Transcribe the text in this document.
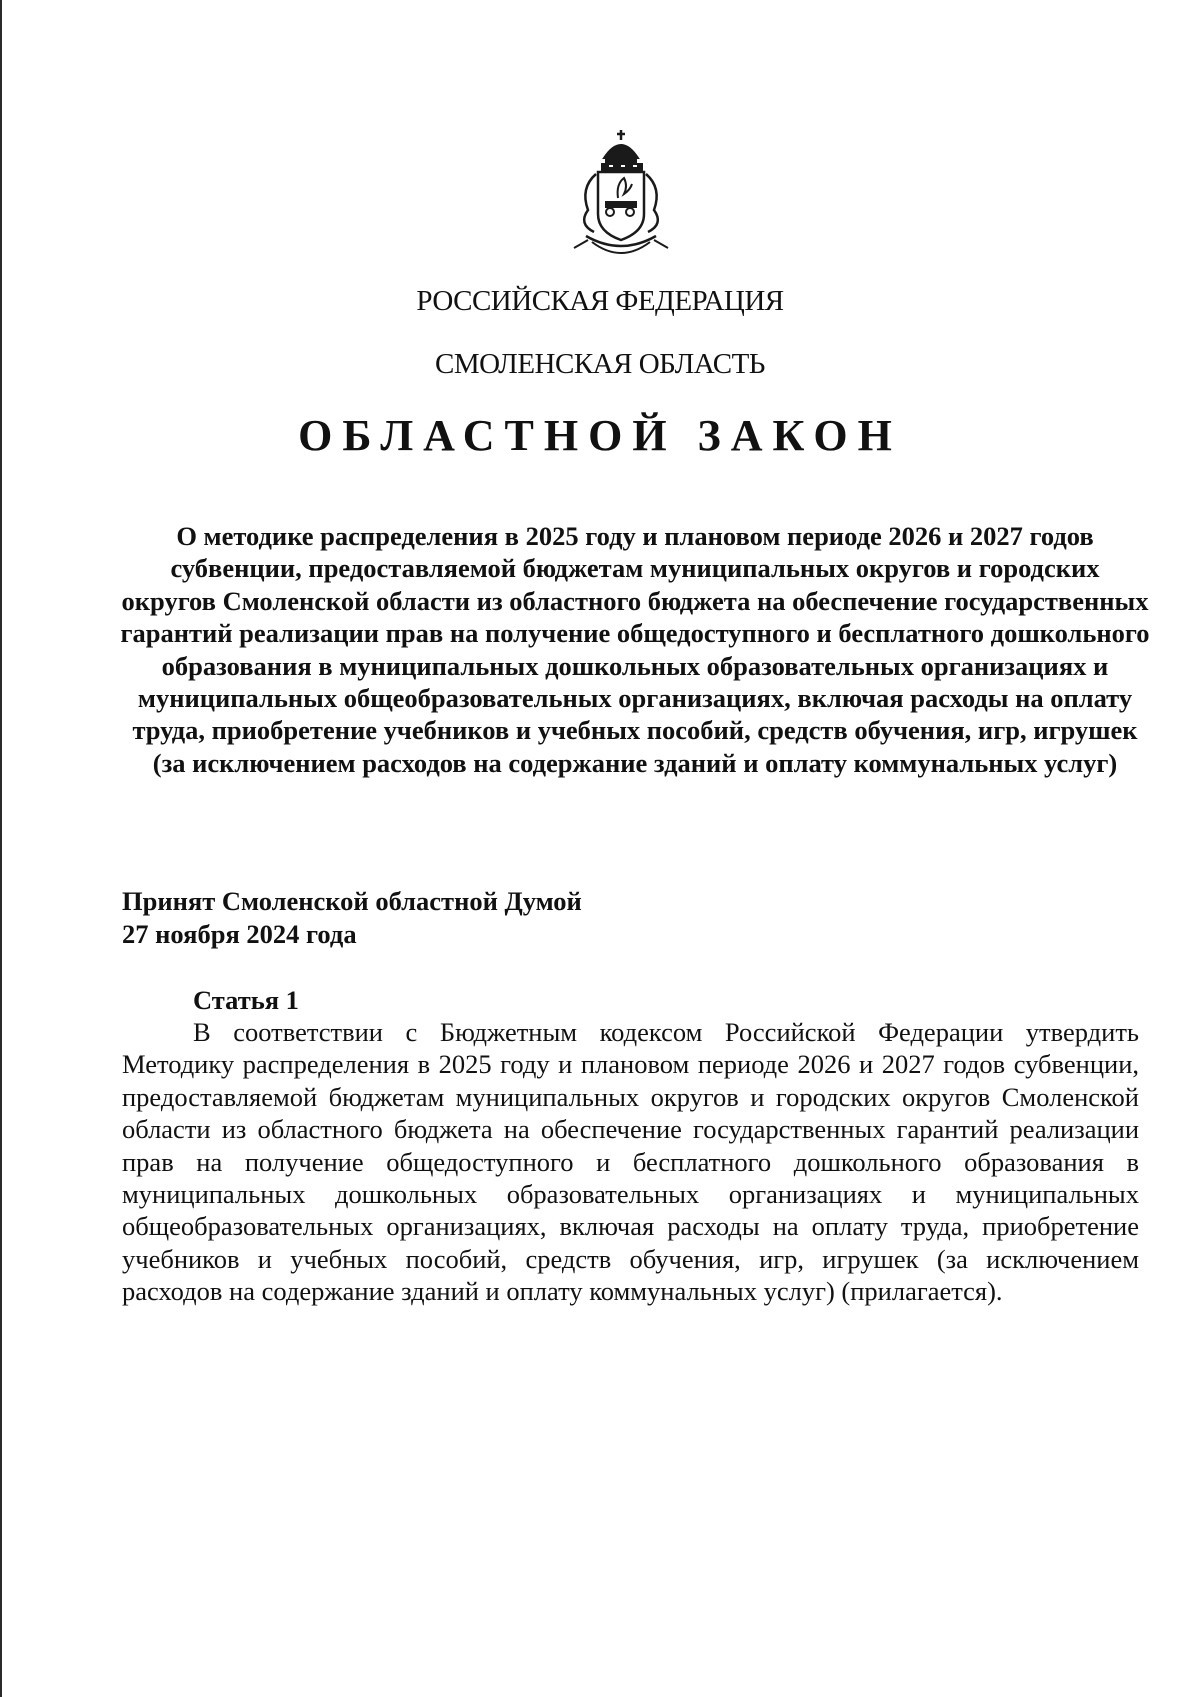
РОССИЙСКАЯ ФЕДЕРАЦИЯ
СМОЛЕНСКАЯ ОБЛАСТЬ
ОБЛАСТНОЙ ЗАКОН
О методике распределения в 2025 году и плановом периоде 2026 и 2027 годов субвенции, предоставляемой бюджетам муниципальных округов и городских округов Смоленской области из областного бюджета на обеспечение государственных гарантий реализации прав на получение общедоступного и бесплатного дошкольного образования в муниципальных дошкольных образовательных организациях и муниципальных общеобразовательных организациях, включая расходы на оплату труда, приобретение учебников и учебных пособий, средств обучения, игр, игрушек (за исключением расходов на содержание зданий и оплату коммунальных услуг)
Принят Смоленской областной Думой
27 ноября 2024 года
Статья 1
В соответствии с Бюджетным кодексом Российской Федерации утвердить Методику распределения в 2025 году и плановом периоде 2026 и 2027 годов субвенции, предоставляемой бюджетам муниципальных округов и городских округов Смоленской области из областного бюджета на обеспечение государственных гарантий реализации прав на получение общедоступного и бесплатного дошкольного образования в муниципальных дошкольных образовательных организациях и муниципальных общеобразовательных организациях, включая расходы на оплату труда, приобретение учебников и учебных пособий, средств обучения, игр, игрушек (за исключением расходов на содержание зданий и оплату коммунальных услуг) (прилагается).
